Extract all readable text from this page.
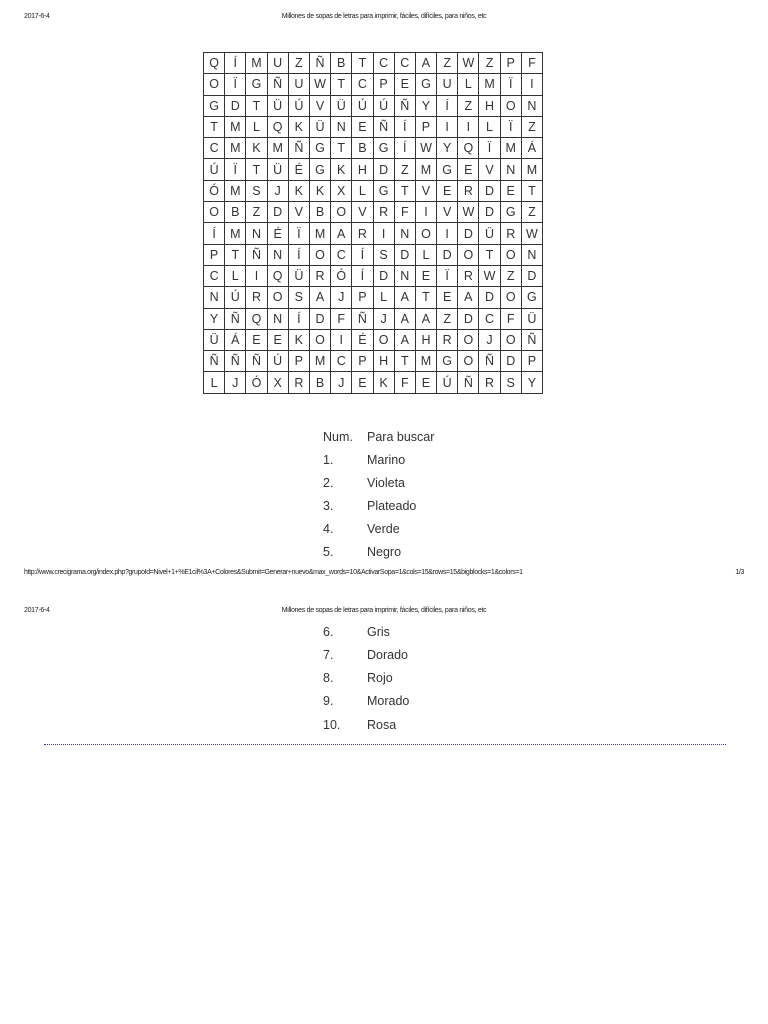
2017-6-4	Millones de sopas de letras para imprimir, fáciles, difíciles, para niños, etc
Q	Í	M	U	Z	Ñ	B	T	C	C	A	Z	W	Z	P	F
O	Ï	G	Ñ	U	W	T	C	P	E	G	U	L	M	Ï	I
G	D	T	Ü	Ú	V	Ü	Ú	Ú	Ñ	Y	Í	Z	H	O	N
T	M	L	Q	K	Ü	N	E	Ñ	Í	P	I	I	L	Ï	Z
C	M	K	M	Ñ	G	T	B	G	Í	W	Y	Q	Ï	M	Á
Ú	Ï	T	Ü	É	G	K	H	D	Z	M	G	E	V	N	M
Ó	M	S	J	K	K	X	L	G	T	V	E	R	D	E	T
O	B	Z	D	V	B	O	V	R	F	I	V	W	D	G	Z
Í	M	N	É	Ï	M	A	R	I	N	O	I	D	Ü	R	W
P	T	Ñ	N	Í	O	C	Í	S	D	L	D	O	T	O	N
C	L	I	Q	Ü	R	Ó	Í	D	N	E	Ï	R	W	Z	D
N	Ú	R	O	S	A	J	P	L	A	T	E	A	D	O	G
Y	Ñ	Q	N	Í	D	F	Ñ	J	A	A	Z	D	C	F	Ü
Ü	Á	E	E	K	O	I	É	O	A	H	R	O	J	O	Ñ
Ñ	Ñ	Ñ	Ú	P	M	C	P	H	T	M	G	O	Ñ	D	P
L	J	Ó	X	R	B	J	E	K	F	E	Ú	Ñ	R	S	Y
Num. Para buscar
1.	Marino
2.	Violeta
3.	Plateado
4.	Verde
5.	Negro
6.	Gris
7.	Dorado
8.	Rojo
9.	Morado
10. Rosa
http://www.crecigrama.org/index.php?grupoId=Nivel+1+%E1cil%3A+Colores&Submit=Generar+nuevo&max_words=10&ActivarSopa=1&cols=15&rows=15&bigblocks=1&colors=1	1/3
2017-6-4	Millones de sopas de letras para imprimir, fáciles, difíciles, para niños, etc
